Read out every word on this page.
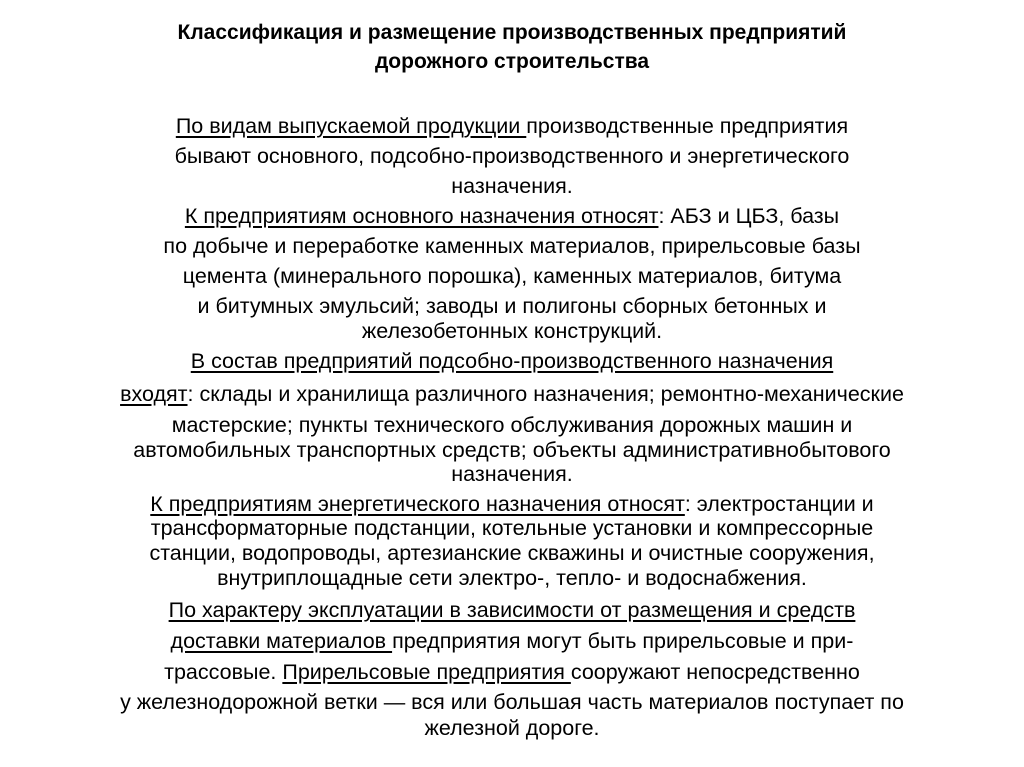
Классификация и размещение производственных предприятий
дорожного строительства
По видам выпускаемой продукции производственные предприятия
бывают основного, подсобно-производственного и энергетического
назначения.
К предприятиям основного назначения относят: АБЗ и ЦБЗ, базы
по добыче и переработке каменных материалов, прирельсовые базы
цемента (минерального порошка), каменных материалов, битума
и битумных эмульсий; заводы и полигоны сборных бетонных и
железобетонных конструкций.
В состав предприятий подсобно-производственного назначения
входят: склады и хранилища различного назначения; ремонтно-механические
мастерские; пункты технического обслуживания дорожных машин и
автомобильных транспортных средств; объекты административнобытового
назначения.
К предприятиям энергетического назначения относят: электростанции и
трансформаторные подстанции, котельные установки и компрессорные
станции, водопроводы, артезианские скважины и очистные сооружения,
внутриплощадные сети электро-, тепло- и водоснабжения.
По характеру эксплуатации в зависимости от размещения и средств
доставки материалов предприятия могут быть прирельсовые и при-
трассовые. Прирельсовые предприятия сооружают непосредственно
у железнодорожной ветки — вся или большая часть материалов поступает по
железной дороге.
